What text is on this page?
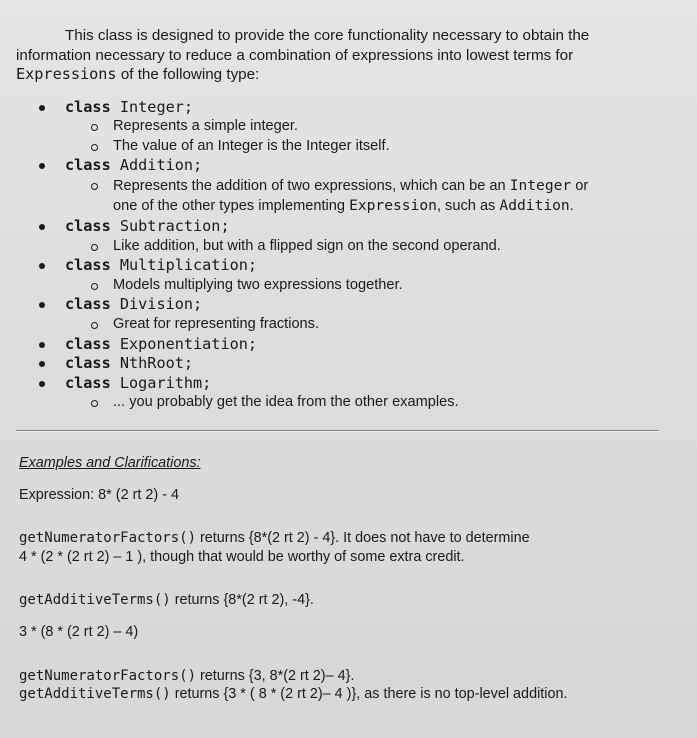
This class is designed to provide the core functionality necessary to obtain the

information necessary to reduce a combination of expressions into lowest terms for

Expressions of the following type:

class Integer;
Represents a simple integer.
The value of an Integer is the Integer itself.
class Addition;
Represents the addition of two expressions, which can be an Integer or
one of the other types implementing Expression, such as Addition.
class Subtraction;
Like addition, but with a flipped sign on the second operand.
class Multiplication;
Models multiplying two expressions together.
class Division;
Great for representing fractions.
class Exponentiation;
class NthRoot;
class Logarithm;
... you probably get the idea from the other examples.

Examples and Clarifications:

Expression: 8* (2 rt 2) - 4

getNumeratorFactors() returns {8*(2 rt 2) - 4}. It does not have to determine

4 * (2 * (2 rt 2) – 1 ), though that would be worthy of some extra credit.

getAdditiveTerms() returns {8*(2 rt 2), -4}.

3 * (8 * (2 rt 2) – 4)

getNumeratorFactors() returns {3, 8*(2 rt 2)– 4}.

getAdditiveTerms() returns {3 * ( 8 * (2 rt 2)– 4 )}, as there is no top-level addition.
